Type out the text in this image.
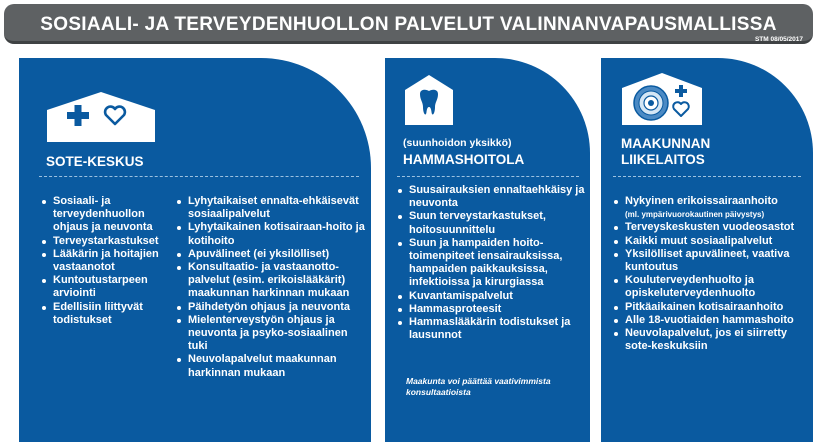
SOSIAALI- JA TERVEYDENHUOLLON PALVELUT VALINNANVAPAUSMALLISSA
STM 08/05/2017
SOTE-KESKUS
Sosiaali- ja terveydenhuollon ohjaus ja neuvonta
Terveystarkastukset
Lääkärin ja hoitajien vastaanotot
Kuntoutustarpeen arviointi
Edellisiin liittyvät todistukset
Lyhytaikaiset ennalta-ehkäisevät sosiaalipalvelut
Lyhytaikainen kotisairaan-hoito ja kotihoito
Apuvälineet (ei yksilölliset)
Konsultaatio- ja vastaanotto-palvelut (esim. erikoislääkärit) maakunnan harkinnan mukaan
Päihdetyön ohjaus ja neuvonta
Mielenterveystyön ohjaus ja neuvonta ja psyko-sosiaalinen tuki
Neuvolapalvelut maakunnan harkinnan mukaan
(suunhoidon yksikkö)
HAMMASHOITOLA
Suusairauksien ennaltaehkäisy ja neuvonta
Suun terveystarkastukset, hoitosuunnittelu
Suun ja hampaiden hoito-toimenpiteet iensairauksissa, hampaiden paikkauksissa, infektioissa ja kirurgiassa
Kuvantamispalvelut
Hammasproteesit
Hammaslääkärin todistukset ja lausunnot
Maakunta voi päättää vaativimmista konsultaatioista
MAAKUNNAN
LIIKELAITOS
Nykyinen erikoissairaanhoito
(ml. ympärivuorokautinen päivystys)
Terveyskeskusten vuodeosastot
Kaikki muut sosiaalipalvelut
Yksilölliset apuvälineet, vaativa kuntoutus
Kouluterveydenhuolto ja opiskeluterveydenhuolto
Pitkäaikainen kotisairaanhoito
Alle 18-vuotiaiden hammashoito
Neuvolapalvelut, jos ei siirretty sote-keskuksiin
